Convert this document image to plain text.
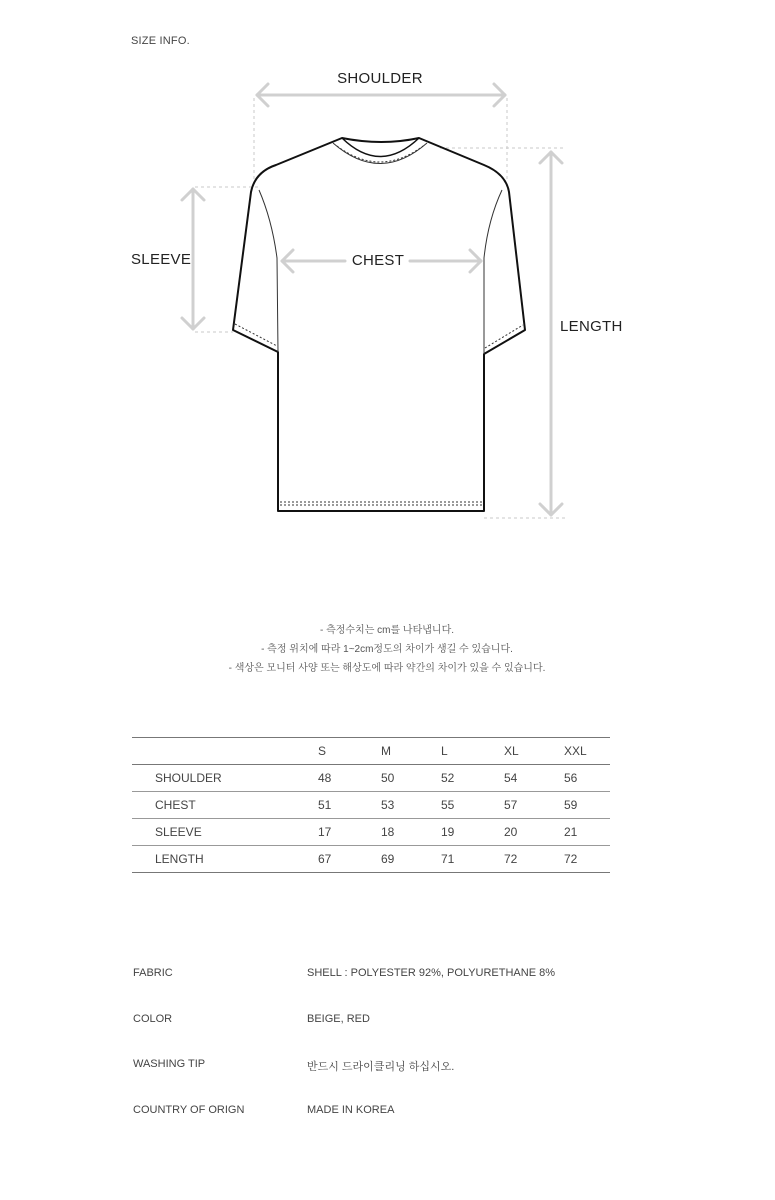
SIZE INFO.
SHOULDER
SLEEVE	CHEST
LENGTH
- 측정수치는 cm를 나타냅니다.
- 측정 위치에 따라 1~2cm정도의 차이가 생길 수 있습니다.
- 색상은 모니터 사양 또는 해상도에 따라 약간의 차이가 있을 수 있습니다.
	S	M	L	XL	XXL
SHOULDER	48	50	52	54	56
CHEST	51	53	55	57	59
SLEEVE	17	18	19	20	21
LENGTH	67	69	71	72	72
FABRIC	SHELL : POLYESTER 92%, POLYURETHANE 8%
COLOR	BEIGE, RED
WASHING TIP	반드시 드라이클리닝 하십시오.
COUNTRY OF ORIGN	MADE IN KOREA
